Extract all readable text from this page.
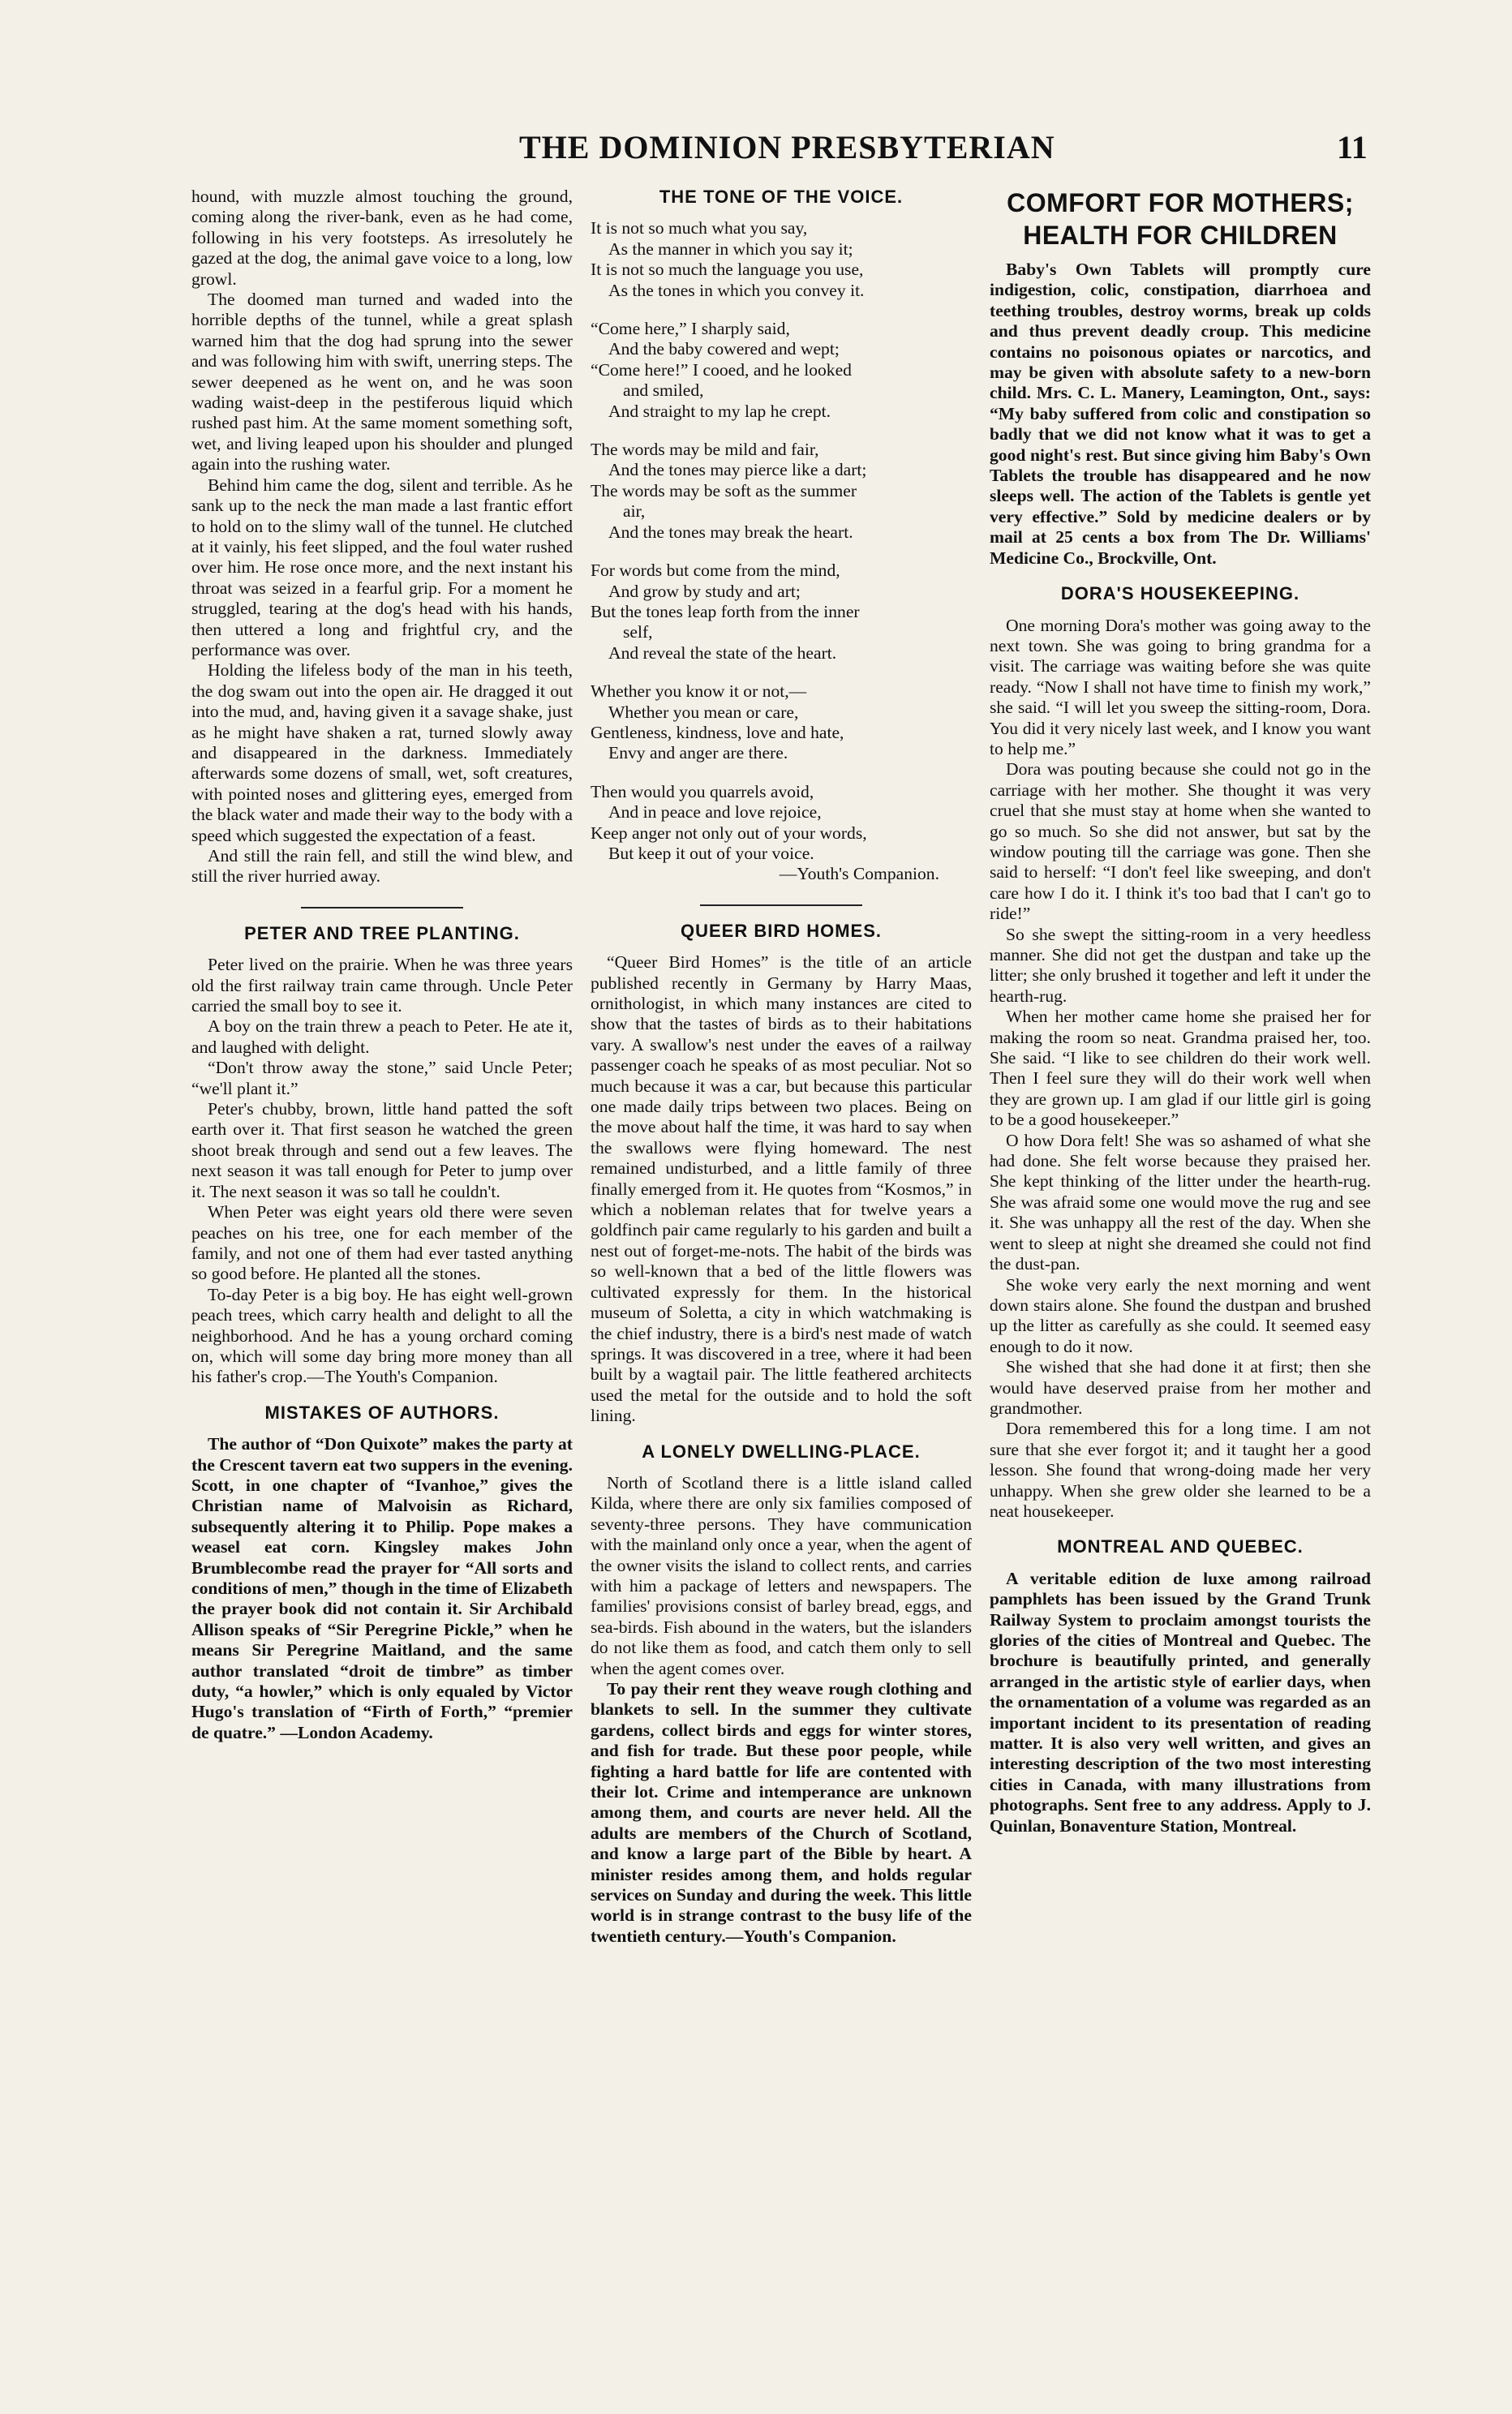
THE DOMINION PRESBYTERIAN	11

hound, with muzzle almost touching the ground, coming along the river-bank, even as he had come, following in his very footsteps. As irresolutely he gazed at the dog, the animal gave voice to a long, low growl.

The doomed man turned and waded into the horrible depths of the tunnel, while a great splash warned him that the dog had sprung into the sewer and was following him with swift, unerring steps. The sewer deepened as he went on, and he was soon wading waist-deep in the pestiferous liquid which rushed past him. At the same moment something soft, wet, and living leaped upon his shoulder and plunged again into the rushing water.

Behind him came the dog, silent and terrible. As he sank up to the neck the man made a last frantic effort to hold on to the slimy wall of the tunnel. He clutched at it vainly, his feet slipped, and the foul water rushed over him. He rose once more, and the next instant his throat was seized in a fearful grip. For a moment he struggled, tearing at the dog's head with his hands, then uttered a long and frightful cry, and the performance was over.

Holding the lifeless body of the man in his teeth, the dog swam out into the open air. He dragged it out into the mud, and, having given it a savage shake, just as he might have shaken a rat, turned slowly away and disappeared in the darkness. Immediately afterwards some dozens of small, wet, soft creatures, with pointed noses and glittering eyes, emerged from the black water and made their way to the body with a speed which suggested the expectation of a feast.

And still the rain fell, and still the wind blew, and still the river hurried away.

PETER AND TREE PLANTING.

Peter lived on the prairie. When he was three years old the first railway train came through. Uncle Peter carried the small boy to see it.

A boy on the train threw a peach to Peter. He ate it, and laughed with delight.

“Don't throw away the stone,” said Uncle Peter; “we'll plant it.”

Peter's chubby, brown, little hand patted the soft earth over it. That first season he watched the green shoot break through and send out a few leaves. The next season it was tall enough for Peter to jump over it. The next season it was so tall he couldn't.

When Peter was eight years old there were seven peaches on his tree, one for each member of the family, and not one of them had ever tasted anything so good before. He planted all the stones.

To-day Peter is a big boy. He has eight well-grown peach trees, which carry health and delight to all the neighborhood. And he has a young orchard coming on, which will some day bring more money than all his father's crop.—The Youth's Companion.

MISTAKES OF AUTHORS.

The author of “Don Quixote” makes the party at the Crescent tavern eat two suppers in the evening. Scott, in one chapter of “Ivanhoe,” gives the Christian name of Malvoisin as Richard, subsequently altering it to Philip. Pope makes a weasel eat corn. Kingsley makes John Brumblecombe read the prayer for “All sorts and conditions of men,” though in the time of Elizabeth the prayer book did not contain it. Sir Archibald Allison speaks of “Sir Peregrine Pickle,” when he means Sir Peregrine Maitland, and the same author translated “droit de timbre” as timber duty, “a howler,” which is only equaled by Victor Hugo's translation of “Firth of Forth,” “premier de quatre.” —London Academy.

THE TONE OF THE VOICE.
It is not so much what you say,
As the manner in which you say it;
It is not so much the language you use,
As the tones in which you convey it.
“Come here,” I sharply said,
And the baby cowered and wept;
“Come here!” I cooed, and he looked
and smiled,
And straight to my lap he crept.
The words may be mild and fair,
And the tones may pierce like a dart;
The words may be soft as the summer
air,
And the tones may break the heart.
For words but come from the mind,
And grow by study and art;
But the tones leap forth from the inner
self,
And reveal the state of the heart.
Whether you know it or not,—
Whether you mean or care,
Gentleness, kindness, love and hate,
Envy and anger are there.
Then would you quarrels avoid,
And in peace and love rejoice,
Keep anger not only out of your words,
But keep it out of your voice.
—Youth's Companion.
QUEER BIRD HOMES.

“Queer Bird Homes” is the title of an article published recently in Germany by Harry Maas, ornithologist, in which many instances are cited to show that the tastes of birds as to their habitations vary. A swallow's nest under the eaves of a railway passenger coach he speaks of as most peculiar. Not so much because it was a car, but because this particular one made daily trips between two places. Being on the move about half the time, it was hard to say when the swallows were flying homeward. The nest remained undisturbed, and a little family of three finally emerged from it. He quotes from “Kosmos,” in which a nobleman relates that for twelve years a goldfinch pair came regularly to his garden and built a nest out of forget-me-nots. The habit of the birds was so well-known that a bed of the little flowers was cultivated expressly for them. In the historical museum of Soletta, a city in which watchmaking is the chief industry, there is a bird's nest made of watch springs. It was discovered in a tree, where it had been built by a wagtail pair. The little feathered architects used the metal for the outside and to hold the soft lining.

A LONELY DWELLING-PLACE.

North of Scotland there is a little island called Kilda, where there are only six families composed of seventy-three persons. They have communication with the mainland only once a year, when the agent of the owner visits the island to collect rents, and carries with him a package of letters and newspapers. The families' provisions consist of barley bread, eggs, and sea-birds. Fish abound in the waters, but the islanders do not like them as food, and catch them only to sell when the agent comes over.

To pay their rent they weave rough clothing and blankets to sell. In the summer they cultivate gardens, collect birds and eggs for winter stores, and fish for trade. But these poor people, while fighting a hard battle for life are contented with their lot. Crime and intemperance are unknown among them, and courts are never held. All the adults are members of the Church of Scotland, and know a large part of the Bible by heart. A minister resides among them, and holds regular services on Sunday and during the week. This little world is in strange contrast to the busy life of the twentieth century.—Youth's Companion.

COMFORT FOR MOTHERS; HEALTH FOR CHILDREN

Baby's Own Tablets will promptly cure indigestion, colic, constipation, diarrhoea and teething troubles, destroy worms, break up colds and thus prevent deadly croup. This medicine contains no poisonous opiates or narcotics, and may be given with absolute safety to a new-born child. Mrs. C. L. Manery, Leamington, Ont., says: “My baby suffered from colic and constipation so badly that we did not know what it was to get a good night's rest. But since giving him Baby's Own Tablets the trouble has disappeared and he now sleeps well. The action of the Tablets is gentle yet very effective.” Sold by medicine dealers or by mail at 25 cents a box from The Dr. Williams' Medicine Co., Brockville, Ont.

DORA'S HOUSEKEEPING.

One morning Dora's mother was going away to the next town. She was going to bring grandma for a visit. The carriage was waiting before she was quite ready. “Now I shall not have time to finish my work,” she said. “I will let you sweep the sitting-room, Dora. You did it very nicely last week, and I know you want to help me.”

Dora was pouting because she could not go in the carriage with her mother. She thought it was very cruel that she must stay at home when she wanted to go so much. So she did not answer, but sat by the window pouting till the carriage was gone. Then she said to herself: “I don't feel like sweeping, and don't care how I do it. I think it's too bad that I can't go to ride!”

So she swept the sitting-room in a very heedless manner. She did not get the dustpan and take up the litter; she only brushed it together and left it under the hearth-rug.

When her mother came home she praised her for making the room so neat. Grandma praised her, too. She said. “I like to see children do their work well. Then I feel sure they will do their work well when they are grown up. I am glad if our little girl is going to be a good housekeeper.”

O how Dora felt! She was so ashamed of what she had done. She felt worse because they praised her. She kept thinking of the litter under the hearth-rug. She was afraid some one would move the rug and see it. She was unhappy all the rest of the day. When she went to sleep at night she dreamed she could not find the dust-pan.

She woke very early the next morning and went down stairs alone. She found the dustpan and brushed up the litter as carefully as she could. It seemed easy enough to do it now.

She wished that she had done it at first; then she would have deserved praise from her mother and grandmother.

Dora remembered this for a long time. I am not sure that she ever forgot it; and it taught her a good lesson. She found that wrong-doing made her very unhappy. When she grew older she learned to be a neat housekeeper.

MONTREAL AND QUEBEC.

A veritable edition de luxe among railroad pamphlets has been issued by the Grand Trunk Railway System to proclaim amongst tourists the glories of the cities of Montreal and Quebec. The brochure is beautifully printed, and generally arranged in the artistic style of earlier days, when the ornamentation of a volume was regarded as an important incident to its presentation of reading matter. It is also very well written, and gives an interesting description of the two most interesting cities in Canada, with many illustrations from photographs. Sent free to any address. Apply to J. Quinlan, Bonaventure Station, Montreal.
